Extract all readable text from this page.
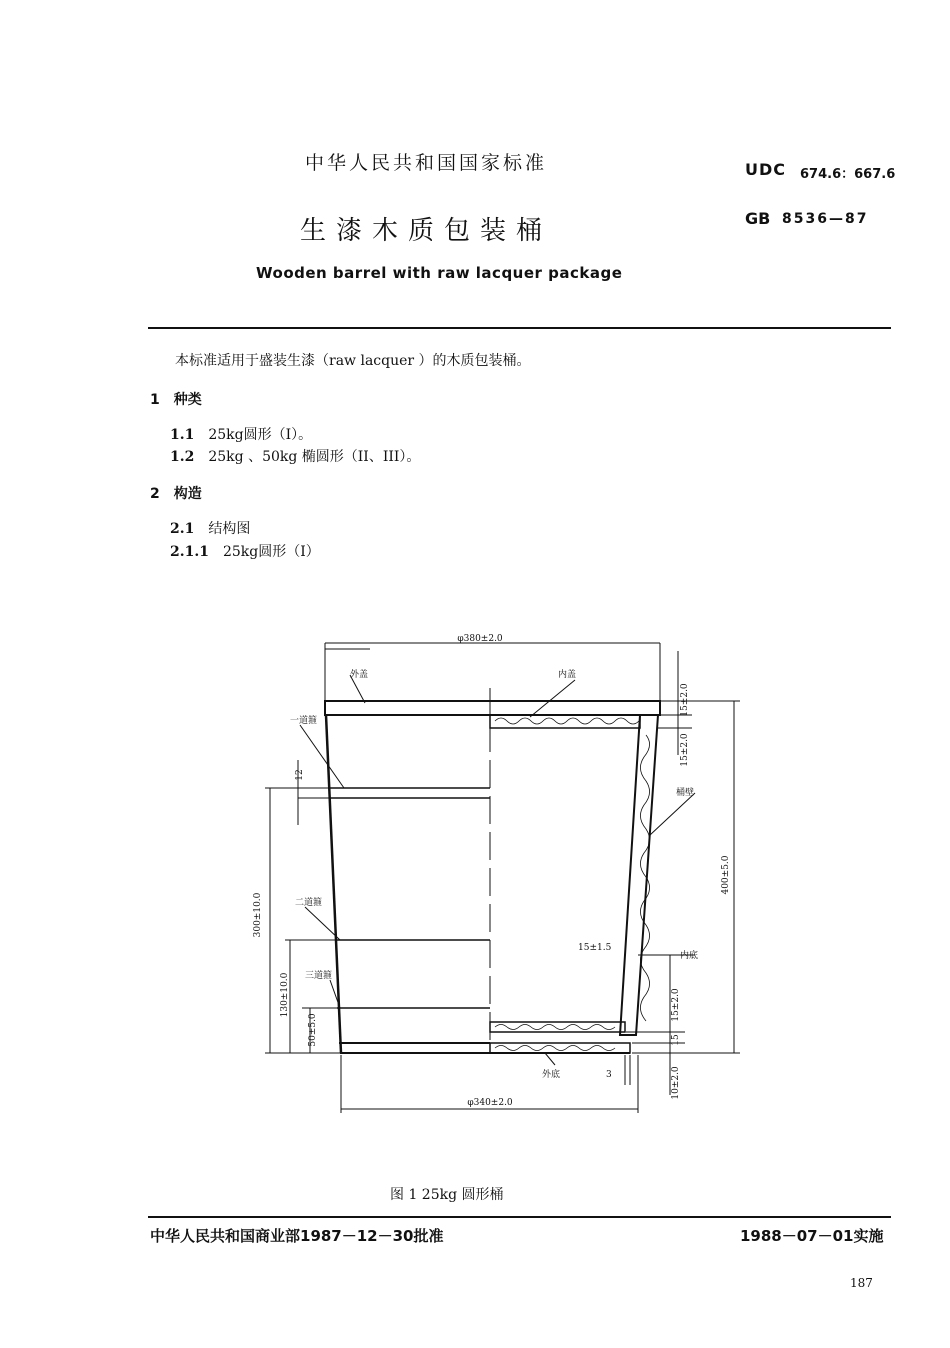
中华人民共和国国家标准	UDC 674.6：667.6
生漆木质包装桶	GB 8536—87
Wooden barrel with raw lacquer package
本标准适用于盛装生漆（raw lacquer ）的木质包装桶。
1 种类
1.1 25kg圆形（I）。
1.2 25kg 、50kg 椭圆形（II、III）。
2 构造
2.1 结构图
2.1.1 25kg圆形（I）
φ380±2.0
外盖	内盖
一道箍
二道箍
三道箍
桶壁
内底
外底	3
15±1.5
φ340±2.0
15±2.0
15±2.0
400±5.0
300±10.0
130±10.0
50±5.0
12
15±2.0
15
10±2.0
图 1 25kg 圆形桶
中华人民共和国商业部1987－12－30批准	1988－07－01实施
187
